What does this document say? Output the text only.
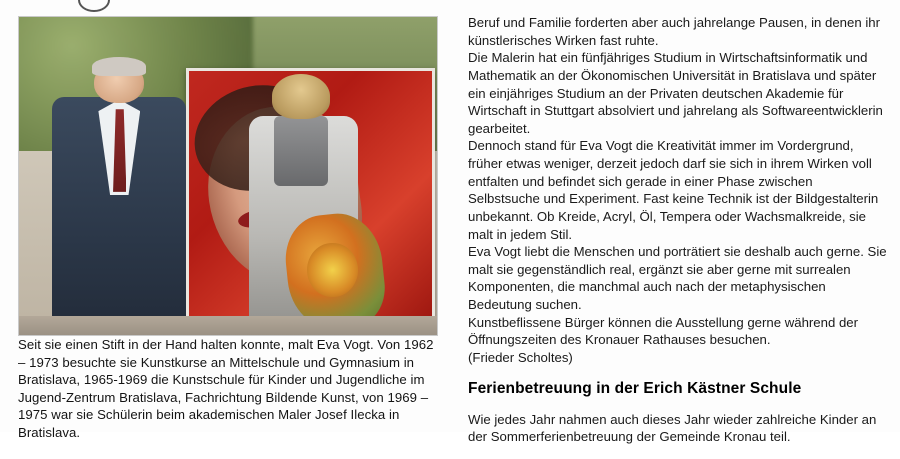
Seit sie einen Stift in der Hand halten konnte, malt Eva Vogt. Von 1962 – 1973 besuchte sie Kunstkurse an Mittelschule und Gymnasium in Bratislava, 1965-1969 die Kunstschule für Kinder und Jugendliche im Jugend-Zentrum Bratislava, Fachrichtung Bildende Kunst, von 1969 – 1975 war sie Schülerin beim akademischen Maler Josef Ilecka in Bratislava.

Beruf und Familie forderten aber auch jahrelange Pausen, in denen ihr künstlerisches Wirken fast ruhte.

Die Malerin hat ein fünfjähriges Studium in Wirtschaftsinformatik und Mathematik an der Ökonomischen Universität in Bratislava und später ein einjähriges Studium an der Privaten deutschen Akademie für Wirtschaft in Stuttgart absolviert und jahrelang als Softwareentwicklerin gearbeitet.

Dennoch stand für Eva Vogt die Kreativität immer im Vordergrund, früher etwas weniger, derzeit jedoch darf sie sich in ihrem Wirken voll entfalten und befindet sich gerade in einer Phase zwischen Selbstsuche und Experiment. Fast keine Technik ist der Bildgestalterin unbekannt. Ob Kreide, Acryl, Öl, Tempera oder Wachsmalkreide, sie malt in jedem Stil.

Eva Vogt liebt die Menschen und porträtiert sie deshalb auch gerne. Sie malt sie gegenständlich real, ergänzt sie aber gerne mit surrealen Komponenten, die manchmal auch nach der metaphysischen Bedeutung suchen.

Kunstbeflissene Bürger können die Ausstellung gerne während der Öffnungszeiten des Kronauer Rathauses besuchen.

(Frieder Scholtes)

Ferienbetreuung in der Erich Kästner Schule

Wie jedes Jahr nahmen auch dieses Jahr wieder zahlreiche Kinder an der Sommerferienbetreuung der Gemeinde Kronau teil.
